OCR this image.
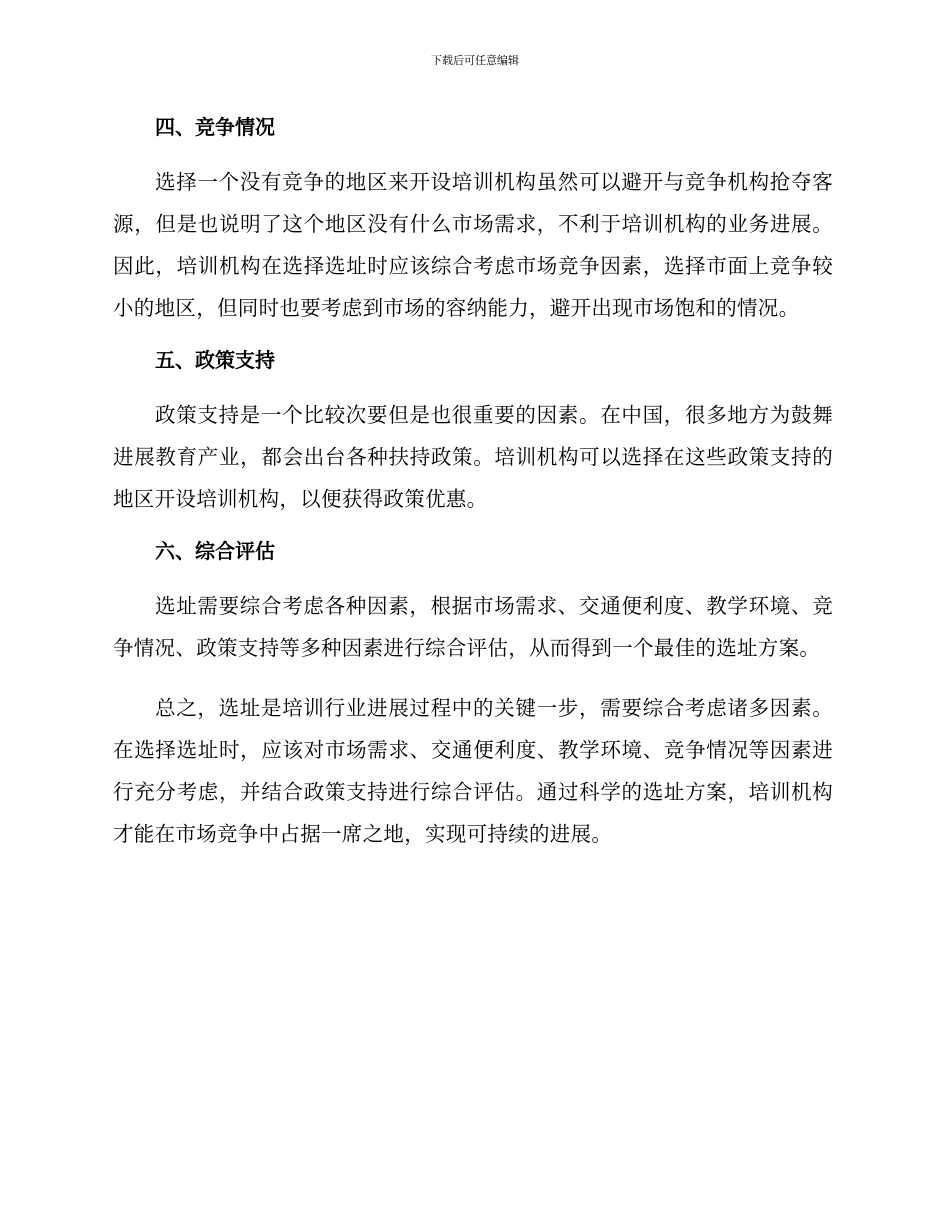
下载后可任意编辑
四、竞争情况

选择一个没有竞争的地区来开设培训机构虽然可以避开与竞争机构抢夺客源，但是也说明了这个地区没有什么市场需求，不利于培训机构的业务进展。因此，培训机构在选择选址时应该综合考虑市场竞争因素，选择市面上竞争较小的地区，但同时也要考虑到市场的容纳能力，避开出现市场饱和的情况。

五、政策支持

政策支持是一个比较次要但是也很重要的因素。在中国，很多地方为鼓舞进展教育产业，都会出台各种扶持政策。培训机构可以选择在这些政策支持的地区开设培训机构，以便获得政策优惠。

六、综合评估

选址需要综合考虑各种因素，根据市场需求、交通便利度、教学环境、竞争情况、政策支持等多种因素进行综合评估，从而得到一个最佳的选址方案。

总之，选址是培训行业进展过程中的关键一步，需要综合考虑诸多因素。在选择选址时，应该对市场需求、交通便利度、教学环境、竞争情况等因素进行充分考虑，并结合政策支持进行综合评估。通过科学的选址方案，培训机构才能在市场竞争中占据一席之地，实现可持续的进展。
